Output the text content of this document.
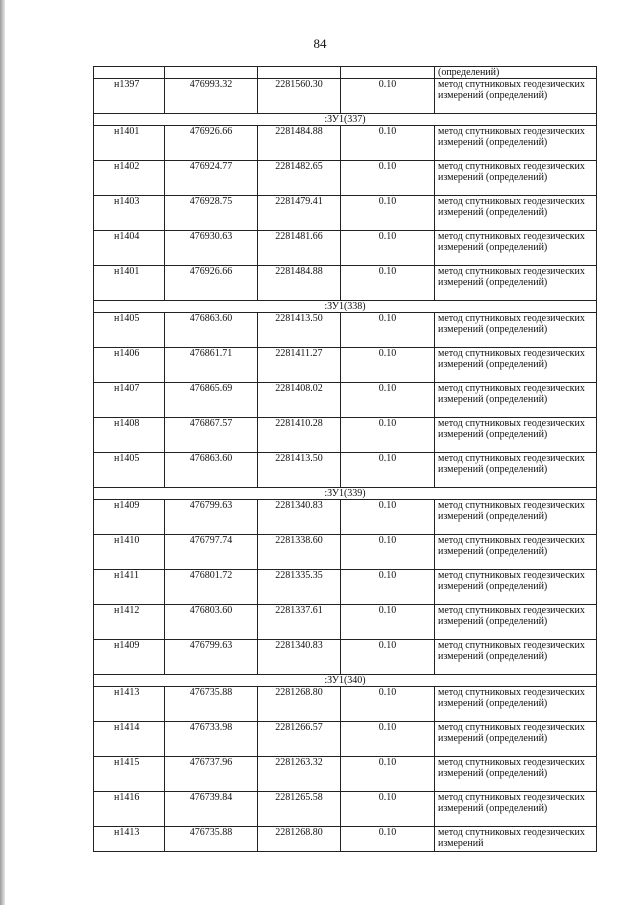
84
				(определений)
н1397	476993.32	2281560.30	0.10	метод спутниковых геодезических измерений (определений)
:ЗУ1(337)				
н1401	476926.66	2281484.88	0.10	метод спутниковых геодезических измерений (определений)
н1402	476924.77	2281482.65	0.10	метод спутниковых геодезических измерений (определений)
н1403	476928.75	2281479.41	0.10	метод спутниковых геодезических измерений (определений)
н1404	476930.63	2281481.66	0.10	метод спутниковых геодезических измерений (определений)
н1401	476926.66	2281484.88	0.10	метод спутниковых геодезических измерений (определений)
:ЗУ1(338)				
н1405	476863.60	2281413.50	0.10	метод спутниковых геодезических измерений (определений)
н1406	476861.71	2281411.27	0.10	метод спутниковых геодезических измерений (определений)
н1407	476865.69	2281408.02	0.10	метод спутниковых геодезических измерений (определений)
н1408	476867.57	2281410.28	0.10	метод спутниковых геодезических измерений (определений)
н1405	476863.60	2281413.50	0.10	метод спутниковых геодезических измерений (определений)
:ЗУ1(339)				
н1409	476799.63	2281340.83	0.10	метод спутниковых геодезических измерений (определений)
н1410	476797.74	2281338.60	0.10	метод спутниковых геодезических измерений (определений)
н1411	476801.72	2281335.35	0.10	метод спутниковых геодезических измерений (определений)
н1412	476803.60	2281337.61	0.10	метод спутниковых геодезических измерений (определений)
н1409	476799.63	2281340.83	0.10	метод спутниковых геодезических измерений (определений)
:ЗУ1(340)				
н1413	476735.88	2281268.80	0.10	метод спутниковых геодезических измерений (определений)
н1414	476733.98	2281266.57	0.10	метод спутниковых геодезических измерений (определений)
н1415	476737.96	2281263.32	0.10	метод спутниковых геодезических измерений (определений)
н1416	476739.84	2281265.58	0.10	метод спутниковых геодезических измерений (определений)
н1413	476735.88	2281268.80	0.10	метод спутниковых геодезических измерений
